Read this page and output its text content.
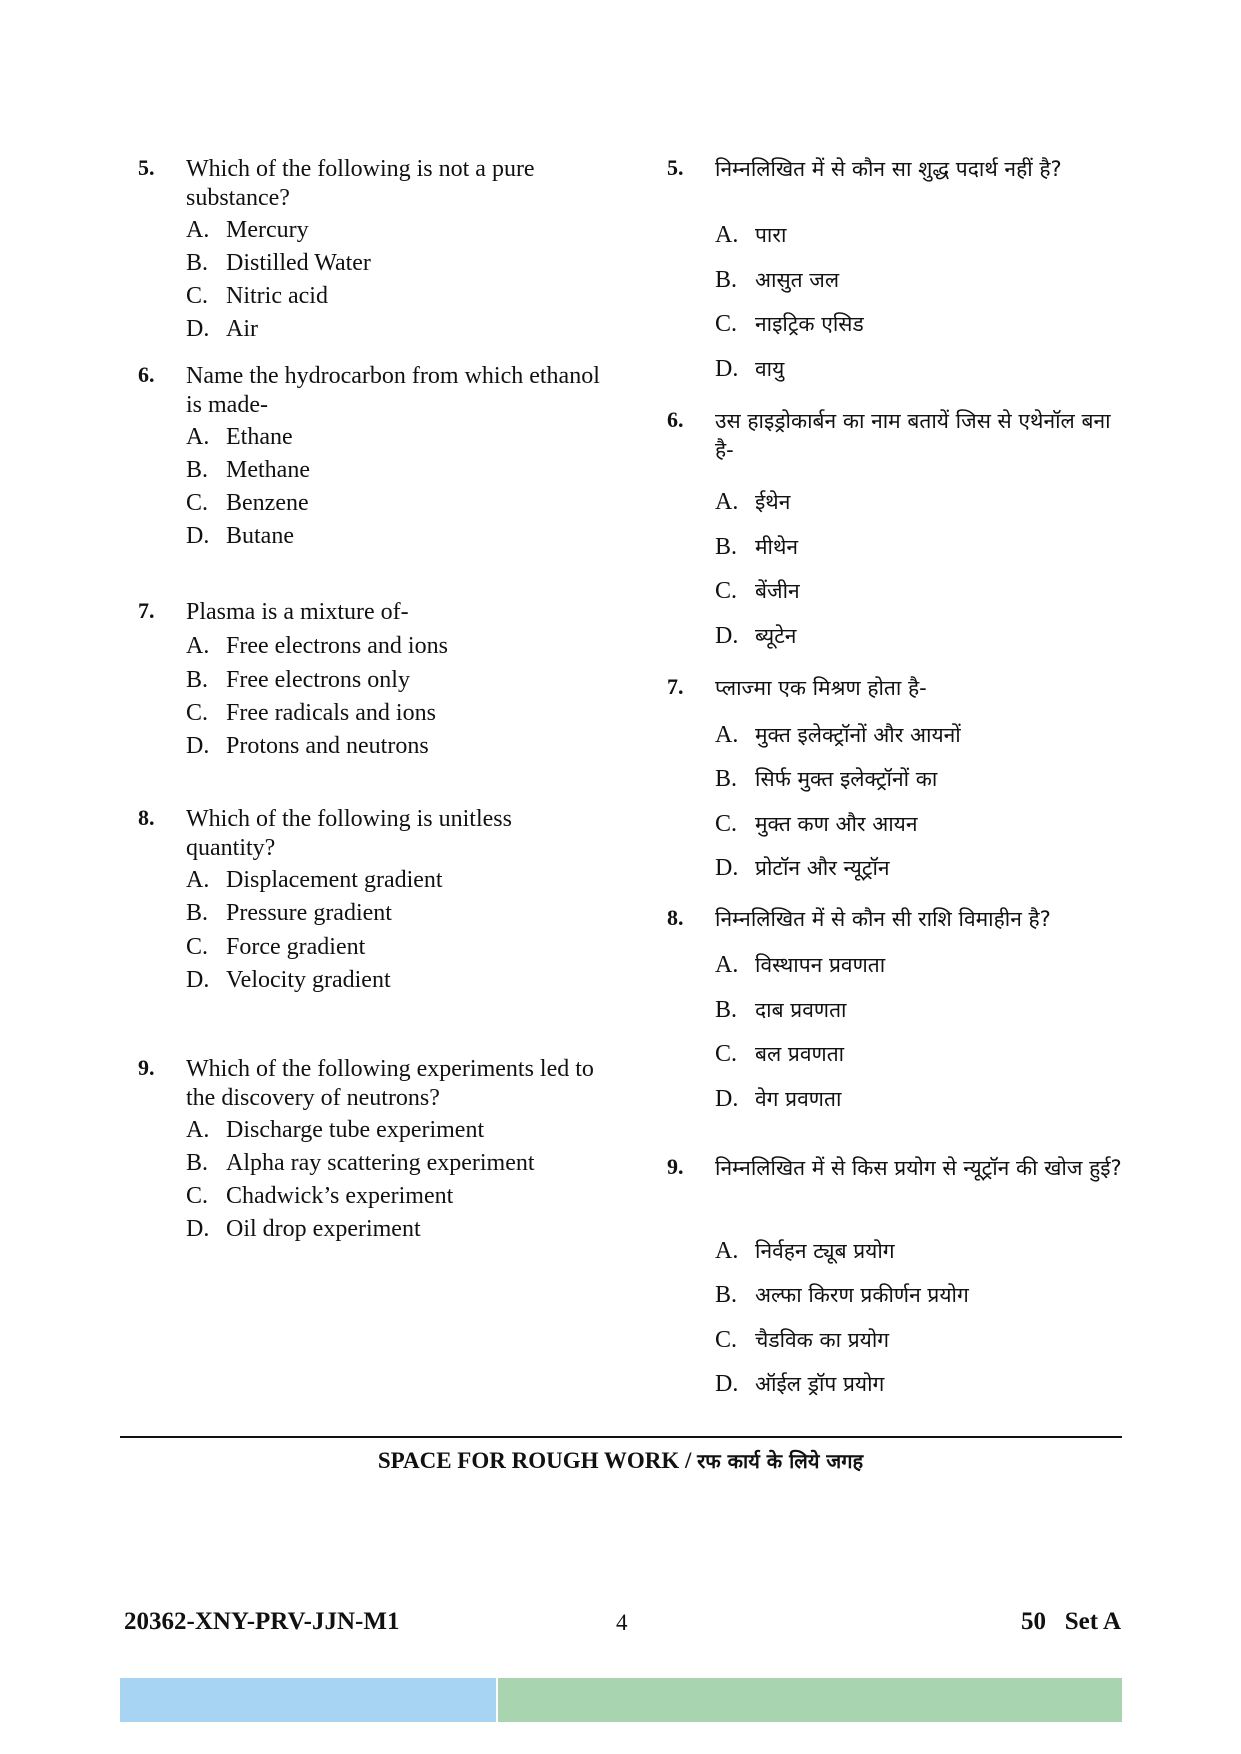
5. Which of the following is not a pure substance?
A. Mercury
B. Distilled Water
C. Nitric acid
D. Air
6. Name the hydrocarbon from which ethanol is made-
A. Ethane
B. Methane
C. Benzene
D. Butane
7. Plasma is a mixture of-
A. Free electrons and ions
B. Free electrons only
C. Free radicals and ions
D. Protons and neutrons
8. Which of the following is unitless quantity?
A. Displacement gradient
B. Pressure gradient
C. Force gradient
D. Velocity gradient
9. Which of the following experiments led to the discovery of neutrons?
A. Discharge tube experiment
B. Alpha ray scattering experiment
C. Chadwick’s experiment
D. Oil drop experiment
5. निम्नलिखित में से कौन सा शुद्ध पदार्थ नहीं है?
A. पारा
B. आसुत जल
C. नाइट्रिक एसिड
D. वायु
6. उस हाइड्रोकार्बन का नाम बतायें जिस से एथेनॉल बना है-
A. ईथेन
B. मीथेन
C. बेंजीन
D. ब्यूटेन
7. प्लाज्मा एक मिश्रण होता है-
A. मुक्त इलेक्ट्रॉनों और आयनों
B. सिर्फ मुक्त इलेक्ट्रॉनों का
C. मुक्त कण और आयन
D. प्रोटॉन और न्यूट्रॉन
8. निम्नलिखित में से कौन सी राशि विमाहीन है?
A. विस्थापन प्रवणता
B. दाब प्रवणता
C. बल प्रवणता
D. वेग प्रवणता
9. निम्नलिखित में से किस प्रयोग से न्यूट्रॉन की खोज हुई?
A. निर्वहन ट्यूब प्रयोग
B. अल्फा किरण प्रकीर्णन प्रयोग
C. चैडविक का प्रयोग
D. ऑईल ड्रॉप प्रयोग
SPACE FOR ROUGH WORK / रफ कार्य के लिये जगह
20362-XNY-PRV-JJN-M1	4	50   Set A
